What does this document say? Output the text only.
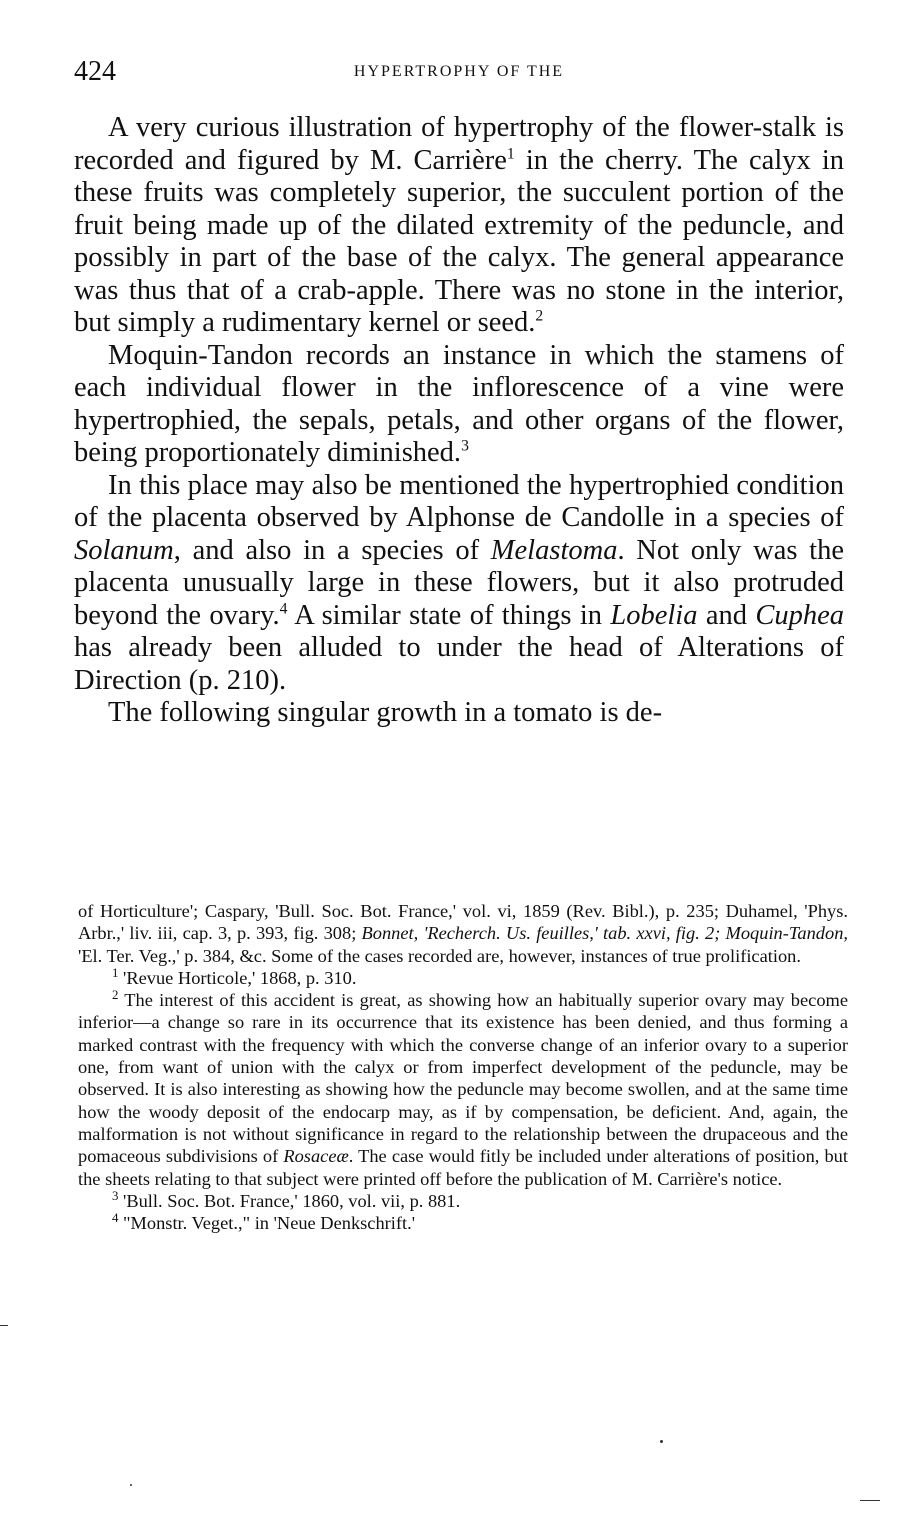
424	HYPERTROPHY OF THE

A very curious illustration of hypertrophy of the flower-stalk is recorded and figured by M. Carrière$^1$ in the cherry. The calyx in these fruits was completely superior, the succulent portion of the fruit being made up of the dilated extremity of the peduncle, and possibly in part of the base of the calyx. The general appearance was thus that of a crab-apple. There was no stone in the interior, but simply a rudimentary kernel or seed.$^2$

Moquin-Tandon records an instance in which the stamens of each individual flower in the inflorescence of a vine were hypertrophied, the sepals, petals, and other organs of the flower, being proportionately diminished.$^3$

In this place may also be mentioned the hypertrophied condition of the placenta observed by Alphonse de Candolle in a species of Solanum, and also in a species of Melastoma. Not only was the placenta unusually large in these flowers, but it also protruded beyond the ovary.$^4$ A similar state of things in Lobelia and Cuphea has already been alluded to under the head of Alterations of Direction (p. 210).

The following singular growth in a tomato is de-

of Horticulture'; Caspary, 'Bull. Soc. Bot. France,' vol. vi, 1859 (Rev. Bibl.), p. 235; Duhamel, 'Phys. Arbr.,' liv. iii, cap. 3, p. 393, fig. 308; Bonnet, 'Recherch. Us. feuilles,' tab. xxvi, fig. 2; Moquin-Tandon, 'El. Ter. Veg.,' p. 384, &c. Some of the cases recorded are, however, instances of true prolification.

$^1$ 'Revue Horticole,' 1868, p. 310.

$^2$ The interest of this accident is great, as showing how an habitually superior ovary may become inferior—a change so rare in its occurrence that its existence has been denied, and thus forming a marked contrast with the frequency with which the converse change of an inferior ovary to a superior one, from want of union with the calyx or from imperfect development of the peduncle, may be observed. It is also interesting as showing how the peduncle may become swollen, and at the same time how the woody deposit of the endocarp may, as if by compensation, be deficient. And, again, the malformation is not without significance in regard to the relationship between the drupaceous and the pomaceous subdivisions of Rosaceæ. The case would fitly be included under alterations of position, but the sheets relating to that subject were printed off before the publication of M. Carrière's notice.

$^3$ 'Bull. Soc. Bot. France,' 1860, vol. vii, p. 881.

$^4$ "Monstr. Veget.," in 'Neue Denkschrift.'
